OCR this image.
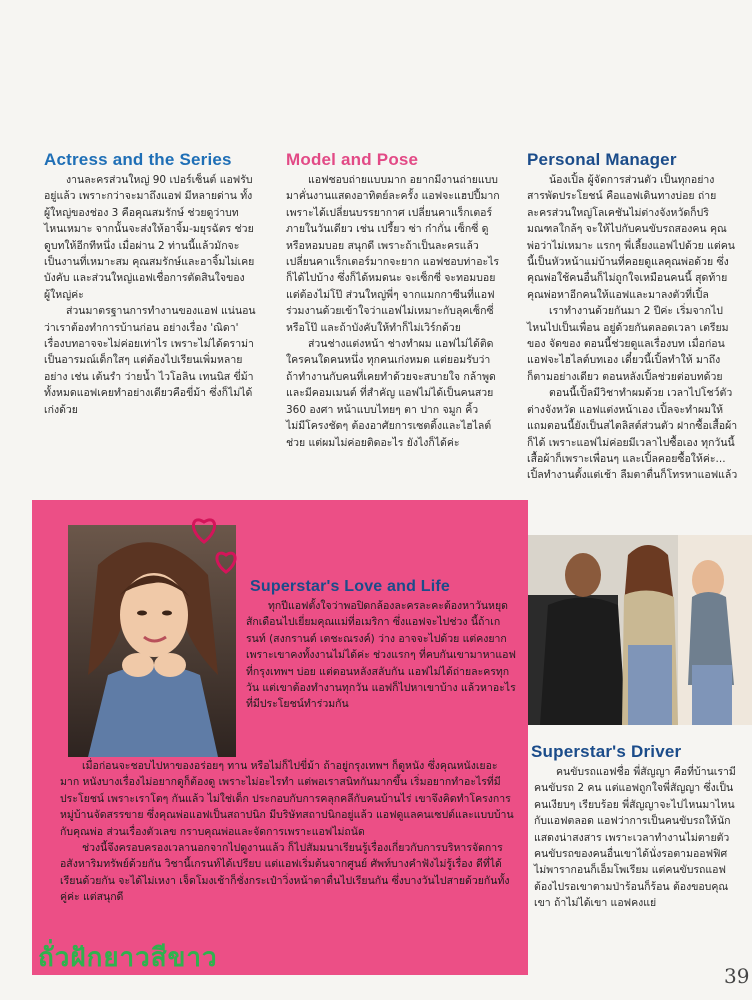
Actress and the Series

งานละครส่วนใหญ่ 90 เปอร์เซ็นต์ แอฟรับอยู่แล้ว เพราะกว่าจะมาถึงแอฟ มีหลายด่าน ทั้งผู้ใหญ่ของช่อง 3 คือคุณสมรักษ์ ช่วยดูว่าบทไหนเหมาะ จากนั้นจะส่งให้อาจิ้ม-มยุรฉัตร ช่วยดูบทให้อีกทีหนึ่ง เมื่อผ่าน 2 ท่านนี้แล้วมักจะเป็นงานที่เหมาะสม คุณสมรักษ์และอาจิ้มไม่เคยบังคับ และส่วนใหญ่แอฟเชื่อการตัดสินใจของผู้ใหญ่ค่ะ

ส่วนมาตรฐานการทำงานของแอฟ แน่นอนว่าเราต้องทำการบ้านก่อน อย่างเรื่อง 'ณิดา' เรื่องบทอาจจะไม่ค่อยเท่าไร เพราะไม่ได้ดราม่า เป็นอารมณ์เด็กใสๆ แต่ต้องไปเรียนเพิ่มหลายอย่าง เช่น เต้นรำ ว่ายน้ำ ไวโอลิน เทนนิส ขี่ม้า ทั้งหมดแอฟเคยทำอย่างเดียวคือขี่ม้า ซึ่งก็ไม่ได้เก่งด้วย

Model and Pose

แอฟชอบถ่ายแบบมาก อยากมีงานถ่ายแบบมาคั่นงานแสดงอาทิตย์ละครั้ง แอฟจะแฮปปี้มาก เพราะได้เปลี่ยนบรรยากาศ เปลี่ยนคาแร็กเตอร์ภายในวันเดียว เช่น เปรี้ยว ซ่า ก๋ากั่น เซ็กซี่ ดูหรือหอมบอย สนุกดี เพราะถ้าเป็นละครแล้วเปลี่ยนคาแร็กเตอร์มากจะยาก แอฟชอบท่าอะไรก็ได้ไปบ้าง ซึ่งก็ได้หมดนะ จะเซ็กซี่ จะทอมบอยแต่ต้องไม่โป๊ ส่วนใหญ่พี่ๆ จากแมกกาซีนที่แอฟร่วมงานด้วยเข้าใจว่าแอฟไม่เหมาะกับลุคเซ็กซี่หรือโป๊ และถ้าบังคับให้ทำก็ไม่เวิร์กด้วย

ส่วนช่างแต่งหน้า ช่างทำผม แอฟไม่ได้ติดใครคนใดคนหนึ่ง ทุกคนเก่งหมด แต่ยอมรับว่าถ้าทำงานกับคนที่เคยทำด้วยจะสบายใจ กล้าพูดและมีคอมเมนต์ ที่สำคัญ แอฟไม่ได้เป็นคนสวย 360 องศา หน้าแบบไทยๆ ตา ปาก จมูก คิ้ว ไม่มีโครงชัดๆ ต้องอาศัยการเซตติ้งและไฮไลต์ช่วย แต่ผมไม่ค่อยติดอะไร ยังไงก็ได้ค่ะ

Personal Manager

น้องเปิ้ล ผู้จัดการส่วนตัว เป็นทุกอย่าง สารพัดประโยชน์ คือแอฟเดินทางบ่อย ถ่ายละครส่วนใหญ่โลเคชันไม่ต่างจังหวัดก็ปริมณฑลใกล้ๆ จะให้ไปกับคนขับรถสองคน คุณพ่อว่าไม่เหมาะ แรกๆ พี่เลี้ยงแอฟไปด้วย แต่คนนี้เป็นหัวหน้าแม่บ้านที่คอยดูแลคุณพ่อด้วย ซึ่งคุณพ่อใช้คนอื่นก็ไม่ถูกใจเหมือนคนนี้ สุดท้ายคุณพ่อหาอีกคนให้แอฟและมาลงตัวที่เปิ้ล

เราทำงานด้วยกันมา 2 ปีค่ะ เริ่มจากไปไหนไปเป็นเพื่อน อยู่ด้วยกันตลอดเวลา เตรียมของ จัดของ ตอนนี้ช่วยดูแลเรื่องบท เมื่อก่อนแอฟจะไฮไลต์บทเอง เดี๋ยวนี้เปิ้ลทำให้ มาถึงก็ตามอย่างเดียว ตอนหลังเปิ้ลช่วยต่อบทด้วย

ตอนนี้เปิ้ลมีวิชาทำผมด้วย เวลาไปโชว์ตัวต่างจังหวัด แอฟแต่งหน้าเอง เปิ้ลจะทำผมให้ แถมตอนนี้ยังเป็นสไตลิสต์ส่วนตัว ฝากซื้อเสื้อผ้าก็ได้ เพราะแอฟไม่ค่อยมีเวลาไปซื้อเอง ทุกวันนี้เสื้อผ้าก็เพราะเพื่อนๆ และเปิ้ลคอยซื้อให้ค่ะ... เปิ้ลทำงานตั้งแต่เช้า ลืมตาตื่นก็โทรหาแอฟแล้ว

Superstar's Love and Life

ทุกปีแอฟตั้งใจว่าพอปิดกล้องละครละคะต้องหาวันหยุดสักเดือนไปเยี่ยมคุณแม่ที่อเมริกา ซึ่งแอฟจะไปช่วง นี้ถ้าเกรนท์ (สงกรานต์ เตชะณรงค์) ว่าง อาจจะไปด้วย แต่คงยาก เพราะเขาคงทั้งงานไม่ได้ค่ะ ช่วงแรกๆ ที่คบกันเขามาหาแอฟที่กรุงเทพฯ บ่อย แต่ตอนหลังสลับกัน แอฟไม่ได้ถ่ายละครทุกวัน แต่เขาต้องทำงานทุกวัน แอฟก็ไปหาเขาบ้าง แล้วหาอะไรที่มีประโยชน์ทำร่วมกัน

เมื่อก่อนจะชอบไปหาของอร่อยๆ ทาน หรือไม่ก็ไปขี่ม้า ถ้าอยู่กรุงเทพฯ ก็ดูหนัง ซึ่งคุณหนังเยอะมาก หนังบางเรื่องไม่อยากดูก็ต้องดู เพราะไม่อะไรทำ แต่พอเราสนิทกันมากขึ้น เริ่มอยากทำอะไรที่มีประโยชน์ เพราะเราโตๆ กันแล้ว ไม่ใช่เด็ก ประกอบกับการคลุกคลีกับคนบ้านไร่ เขาจึงคิดทำโครงการหมู่บ้านจัดสรรขาย ซึ่งคุณพ่อแอฟเป็นสถาปนิก มีบริษัทสถาปนิกอยู่แล้ว แอฟดูแลคนเซปต์และแบบบ้านกับคุณพ่อ ส่วนเรื่องตัวเลข กราบคุณพ่อและจัดการเพราะแอฟไม่ถนัด

ช่วงนี้จึงครอบครองเวลานอกจากไปดูงานแล้ว ก็ไปสัมมนาเรียนรู้เรื่องเกี่ยวกับการบริหารจัดการ อสังหาริมทรัพย์ด้วยกัน วิชานี้เกรนท์ได้เปรียบ แต่แอฟเริ่มต้นจากศูนย์ ศัพท์บางคำฟังไม่รู้เรื่อง ดีที่ได้เรียนด้วยกัน จะได้ไม่เหงา เจ็ดโมงเช้าก็ชั่งกระเป๋าวิ่งหน้าตาตื่นไปเรียนกัน ซึ่งบางวันไปสายด้วยกันทั้งคู่ค่ะ แต่สนุกดี

Superstar's Driver

คนขับรถแอฟชื่อ พี่สัญญา คือที่บ้านเรามีคนขับรถ 2 คน แต่แอฟถูกใจพี่สัญญา ซึ่งเป็นคนเงียบๆ เรียบร้อย พี่สัญญาจะไปไหนมาไหนกับแอฟตลอด แอฟว่าการเป็นคนขับรถให้นักแสดงน่าสงสาร เพราะเวลาทำงานไม่ตายตัว คนขับรถของคนอื่นเขาได้นั่งรอตามออฟฟิศ ไม่พารากอนก็เอ็มโพเรียม แต่คนขับรถแอฟต้องไปรอเขาตามป่าร้อนก็ร้อน ต้องขอบคุณเขา ถ้าไม่ได้เขา แอฟคงแย่

ถั่วฝักยาวสีขาว
39
